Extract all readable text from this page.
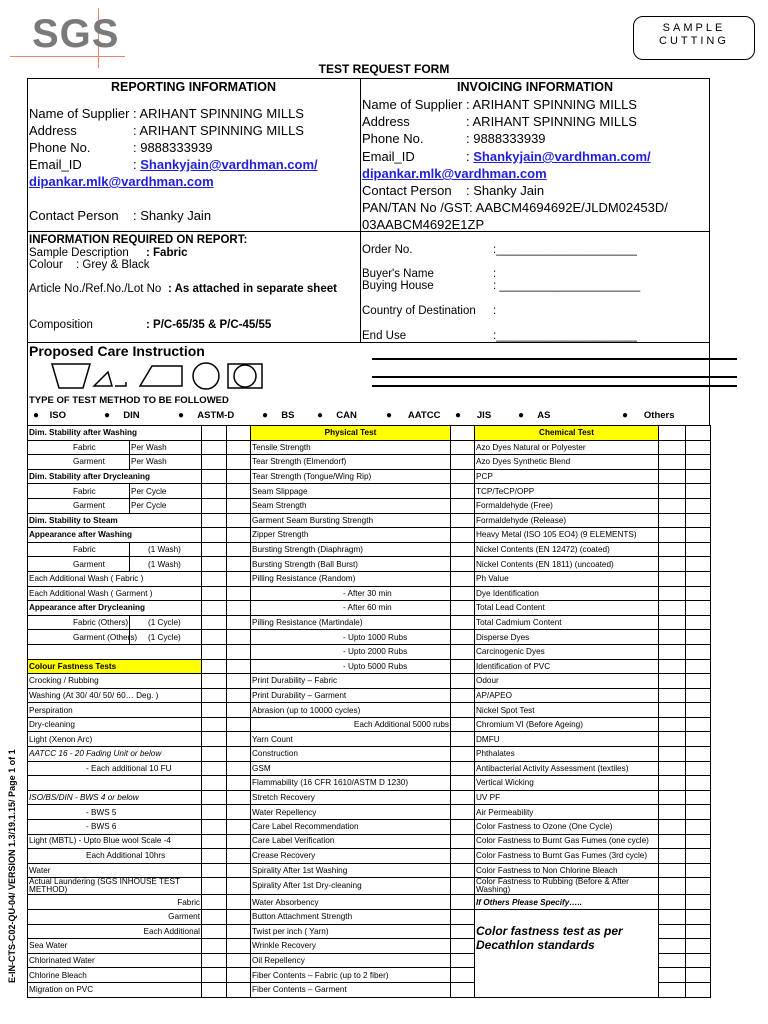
SGS	SAMPLE
CUTTING
TEST REQUEST FORM
E-IN-CTS-C02-QU-04/ VERSION 1.3/19.1.15/ Page 1 of 1
REPORTING INFORMATION
Name of Supplier : ARIHANT SPINNING MILLS
Address	: ARIHANT SPINNING MILLS
Phone No.	: 9888333939
Email_ID	: Shankyjain@vardhman.com/
dipankar.mlk@vardhman.com
Contact Person : Shanky Jain
INVOICING INFORMATION
Name of Supplier : ARIHANT SPINNING MILLS
Address	: ARIHANT SPINNING MILLS
Phone No.	: 9888333939
Email_ID	: Shankyjain@vardhman.com/
dipankar.mlk@vardhman.com
Contact Person : Shanky Jain
PAN/TAN No /GST: AABCM4694692E/JLDM02453D/
03AABCM4692E1ZP
INFORMATION REQUIRED ON REPORT:
Sample Description : Fabric
Colour : Grey & Black
Article No./Ref.No./Lot No : As attached in separate sheet
Composition	: P/C-65/35 & P/C-45/55
Order No.	:______________________
Buyer's Name	:
Buying House	: ______________________
Country of Destination :
End Use	:______________________
Proposed Care Instruction
TYPE OF TEST METHOD TO BE FOLLOWED
● ISO	● DIN	● ASTM-D	● BS ● CAN	● AATCC ● JIS	● AS	● Others
Dim. Stability after Washing				Physical Test		Chemical Test		
Fabric	Per Wash			Tensile Strength		Azo Dyes Natural or Polyester		
Garment	Per Wash			Tear Strength (Elmendorf)		Azo Dyes Synthetic Blend		
Dim. Stability after Drycleaning				Tear Strength (Tongue/Wing Rip)		PCP		
Fabric	Per Cycle			Seam Slippage		TCP/TeCP/OPP		
Garment	Per Cycle			Seam Strength		Formaldehyde (Free)		
Dim. Stability to Steam				Garment Seam Bursting Strength		Formaldehyde (Release)		
Appearance after Washing				Zipper Strength		Heavy Metal (ISO 105 EO4) (9 ELEMENTS)		
Fabric	(1 Wash)			Bursting Strength (Diaphragm)		Nickel Contents (EN 12472) (coated)		
Garment	(1 Wash)			Bursting Strength (Ball Burst)		Nickel Contents (EN 1811) (uncoated)		
Each Additional Wash ( Fabric )				Pilling Resistance (Random)		Ph Value		
Each Additional Wash ( Garment )				- After 30 min		Dye Identification		
Appearance after Drycleaning				- After 60 min		Total Lead Content		
Fabric (Others)	(1 Cycle)			Pilling Resistance (Martindale)		Total Cadmium Content		
Garment (Others)	(1 Cycle)			- Upto 1000 Rubs		Disperse Dyes		
				- Upto 2000 Rubs		Carcinogenic Dyes		
Colour Fastness Tests				- Upto 5000 Rubs		Identification of PVC		
Crocking / Rubbing				Print Durability – Fabric		Odour		
Washing (At 30/ 40/ 50/ 60… Deg. )				Print Durability – Garment		AP/APEO		
Perspiration				Abrasion (up to 10000 cycles)		Nickel Spot Test		
Dry-cleaning				Each Additional 5000 rubs		Chromium VI (Before Ageing)		
Light (Xenon Arc)				Yarn Count		DMFU		
AATCC 16 - 20 Fading Unit or below				Construction		Phthalates		
- Each additional 10 FU				GSM		Antibacterial Activity Assessment (textiles)		
				Flammability (16 CFR 1610/ASTM D 1230)		Vertical Wicking		
ISO/BS/DIN - BWS 4 or below				Stretch Recovery		UV PF		
- BWS 5				Water Repellency		Air Permeability		
- BWS 6				Care Label Recommendation		Color Fastness to Ozone (One Cycle)		
Light (MBTL) - Upto Blue wool Scale -4				Care Label Verification		Color Fastness to Burnt Gas Fumes (one cycle)		
Each Additional 10hrs				Crease Recovery		Color Fastness to Burnt Gas Fumes (3rd cycle)		
Water				Spirality After 1st Washing		Color Fastness to Non Chlorine Bleach		
Actual Laundering (SGS INHOUSE TEST METHOD)				Spirality After 1st Dry-cleaning		Color Fastness to Rubbing (Before & After Washing)		
Fabric				Water Absorbency		If Others Please Specify…..		
Garment				Button Attachment Strength				
Each Additional				Twist per inch ( Yarn)		Color fastness test as per		
Sea Water				Wrinkle Recovery		Decathlon standards		
Chlorinated Water				Oil Repellency				
Chlorine Bleach				Fiber Contents – Fabric (up to 2 fiber)				
Migration on PVC				Fiber Contents – Garment				
